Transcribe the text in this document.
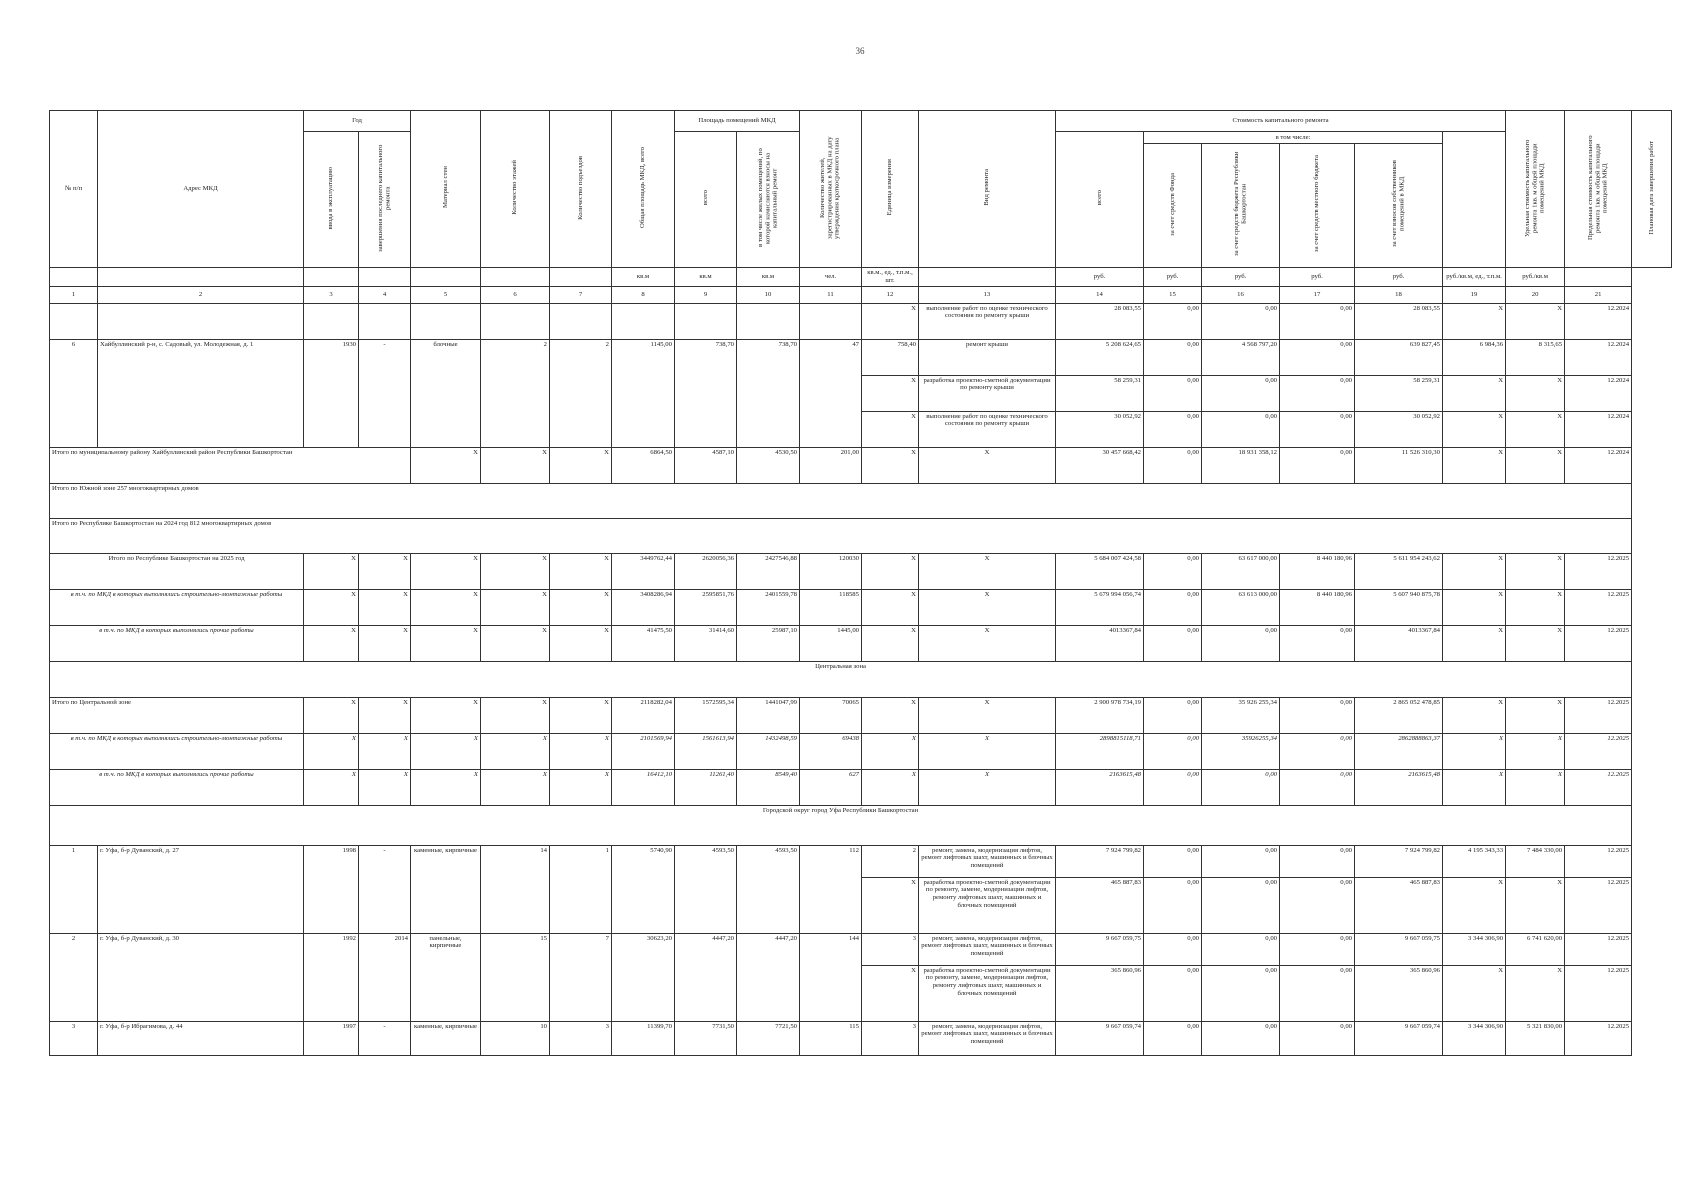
36
№ п/п	Адрес МКД	Год		Материал стен	Количество этажей	Количество подъездов	Общая площадь МКД, всего	Площадь помещений МКД		Количество жителей, зарегистрированных в МКД на дату утверждения краткосрочного плана	Единица измерения	Вид ремонта	Стоимость капитального ремонта						Удельная стоимость капитального ремонта 1кв. м общей площади помещений МКД	Предельная стоимость капитального ремонта 1кв. м общей площади помещений МКД	Плановая дата завершения работ
		ввода в эксплуатацию	завершения последнего капитального ремонта					всего	в том числе жилых помещений, по которой начисляются взносы на капитальный ремонт				всего	в том числе:							
														за счет средств Фонда	за счет средств бюджета Республики Башкортостан	за счет средств местного бюджета	за счет взносов собственников помещений в МКД				
							кв.м	кв.м	кв.м	чел.	кв.м., ед., т.п.м., шт.		руб.	руб.	руб.	руб.	руб.	руб./кв.м, ед., т.п.м.	руб./кв.м		
1	2	3	4	5	6	7	8	9	10	11	12	13	14	15	16	17	18	19	20	21	
											X	выполнение работ по оценке технического состояния по ремонту крыши	28 083,55	0,00	0,00	0,00	28 083,55	X	X	12.2024	
6	Хайбуллинский р-н, с. Садовый, ул. Молодежная, д. 1	1930	-	блочные	2	2	1145,00	738,70	738,70	47	758,40	ремонт крыши	5 208 624,65	0,00	4 568 797,20	0,00	639 827,45	6 984,36	8 315,65	12.2024	
											X	разработка проектно-сметной документации по ремонту крыши	58 259,31	0,00	0,00	0,00	58 259,31	X	X	12.2024	
											X	выполнение работ по оценке технического состояния по ремонту крыши	30 052,92	0,00	0,00	0,00	30 052,92	X	X	12.2024	
Итого по муниципальному району Хайбуллинский район Республики Башкортостан				X	X	X	6864,50	4587,10	4530,50	201,00	X	X	30 457 668,42	0,00	18 931 358,12	0,00	11 526 310,30	X	X	12.2024	
Итого по Южной зоне 257 многоквартирных домов																					
Итого по Республике Башкортостан на 2024 год 812 многоквартирных домов																					
Итого по Республике Башкортостан на 2025 год		X	X	X	X	X	3449762,44	2620056,36	2427546,88	120030	X	X	5 684 007 424,58	0,00	63 617 000,00	8 440 180,96	5 611 954 243,62	X	X	12.2025	
в т.ч. по МКД в которых выполнялись строительно-монтажные работы		X	X	X	X	X	3408286,94	2595851,76	2401559,78	118585	X	X	5 679 994 056,74	0,00	63 613 000,00	8 440 180,96	5 607 940 875,78	X	X	12.2025	
в т.ч. по МКД в которых выполнялись прочие работы		X	X	X	X	X	41475,50	31414,60	25987,10	1445,00	X	X	4013367,84	0,00	0,00	0,00	4013367,84	X	X	12.2025	
Центральная зона																					
Итого по Центральной зоне		X	X	X	X	X	2118282,04	1572595,34	1441047,99	70065	X	X	2 900 978 734,19	0,00	35 926 255,34	0,00	2 865 052 478,85	X	X	12.2025	
в т.ч. по МКД в которых выполнялись строительно-монтажные работы		X	X	X	X	X	2101569,94	1561613,94	1432498,59	69438	X	X	2898815118,71	0,00	35926255,34	0,00	2862888863,37	X	X	12.2025	
в т.ч. по МКД в которых выполнялись прочие работы		X	X	X	X	X	16412,10	11261,40	8549,40	627	X	X	2163615,48	0,00	0,00	0,00	2163615,48	X	X	12.2025	
Городской округ город Уфа Республики Башкортостан																					
1	г. Уфа, б-р Дуванский, д. 27	1998	-	каменные, кирпичные	14	1	5740,90	4593,50	4593,50	112	2	ремонт, замена, модернизация лифтов, ремонт лифтовых шахт, машинных и блочных помещений	7 924 799,82	0,00	0,00	0,00	7 924 799,82	4 195 343,33	7 484 330,00	12.2025	
											X	разработка проектно-сметной документации по ремонту, замене, модернизации лифтов, ремонту лифтовых шахт, машинных и блочных помещений	465 887,83	0,00	0,00	0,00	465 887,83	X	X	12.2025	
2	г. Уфа, б-р Дуванский, д. 30	1992	2014	панельные, кирпичные	15	7	30623,20	4447,20	4447,20	144	3	ремонт, замена, модернизация лифтов, ремонт лифтовых шахт, машинных и блочных помещений	9 667 059,75	0,00	0,00	0,00	9 667 059,75	3 344 306,90	6 741 620,00	12.2025	
											X	разработка проектно-сметной документации по ремонту, замене, модернизации лифтов, ремонту лифтовых шахт, машинных и блочных помещений	365 860,96	0,00	0,00	0,00	365 860,96	X	X	12.2025	
3	г. Уфа, б-р Ибрагимова, д. 44	1997	-	каменные, кирпичные	10	3	11399,70	7731,50	7721,50	115	3	ремонт, замена, модернизация лифтов, ремонт лифтовых шахт, машинных и блочных помещений	9 667 059,74	0,00	0,00	0,00	9 667 059,74	3 344 306,90	5 321 830,00	12.2025	
